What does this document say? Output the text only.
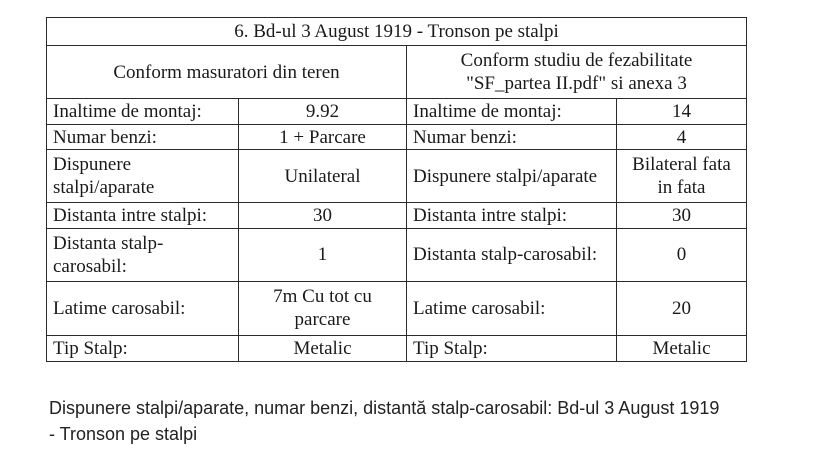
6. Bd-ul 3 August 1919 - Tronson pe stalpi			
Conform masuratori din teren		Conform studiu de fezabilitate
"SF_partea II.pdf" si anexa 3	
Inaltime de montaj:	9.92	Inaltime de montaj:	14
Numar benzi:	1 + Parcare	Numar benzi:	4
Dispunere stalpi/aparate	Unilateral	Dispunere stalpi/aparate	Bilateral fata in fata
Distanta intre stalpi:	30	Distanta intre stalpi:	30
Distanta stalp-carosabil:	1	Distanta stalp-carosabil:	0
Latime carosabil:	7m Cu tot cu parcare	Latime carosabil:	20
Tip Stalp:	Metalic	Tip Stalp:	Metalic
Dispunere stalpi/aparate, numar benzi, distantă stalp-carosabil: Bd-ul 3 August 1919
- Tronson pe stalpi
